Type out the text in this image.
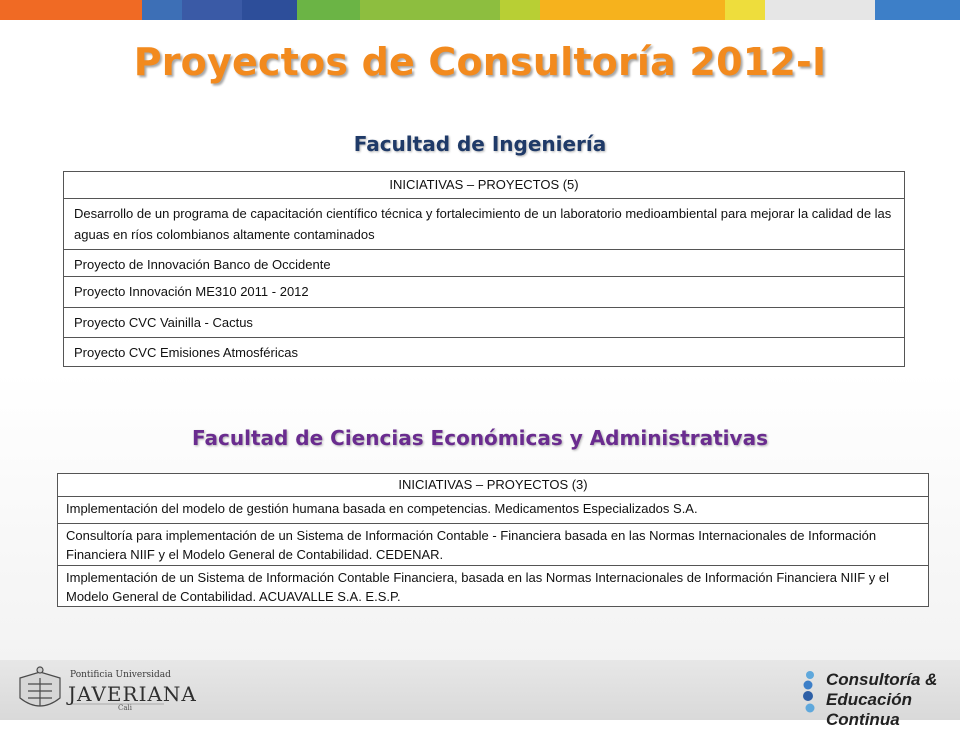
Proyectos de Consultoría 2012-I
Facultad de Ingeniería
INICIATIVAS – PROYECTOS (5)
Desarrollo de un programa de capacitación científico técnica y fortalecimiento de un laboratorio medioambiental para mejorar la calidad de las aguas en ríos colombianos altamente contaminados
Proyecto de Innovación Banco de Occidente
Proyecto Innovación ME310 2011 - 2012
Proyecto CVC Vainilla - Cactus
Proyecto CVC Emisiones Atmosféricas
Facultad de Ciencias Económicas y Administrativas
INICIATIVAS – PROYECTOS (3)
Implementación del modelo de gestión humana basada en competencias. Medicamentos Especializados S.A.
Consultoría para implementación de un Sistema de Información Contable - Financiera basada en las Normas Internacionales de Información Financiera NIIF y el Modelo General de Contabilidad. CEDENAR.
Implementación de un Sistema de Información Contable Financiera, basada en las Normas Internacionales de Información Financiera NIIF y el Modelo General de Contabilidad. ACUAVALLE S.A. E.S.P.
Pontificia Universidad
JAVERIANA
Cali
Consultoría &
Educación Continua
